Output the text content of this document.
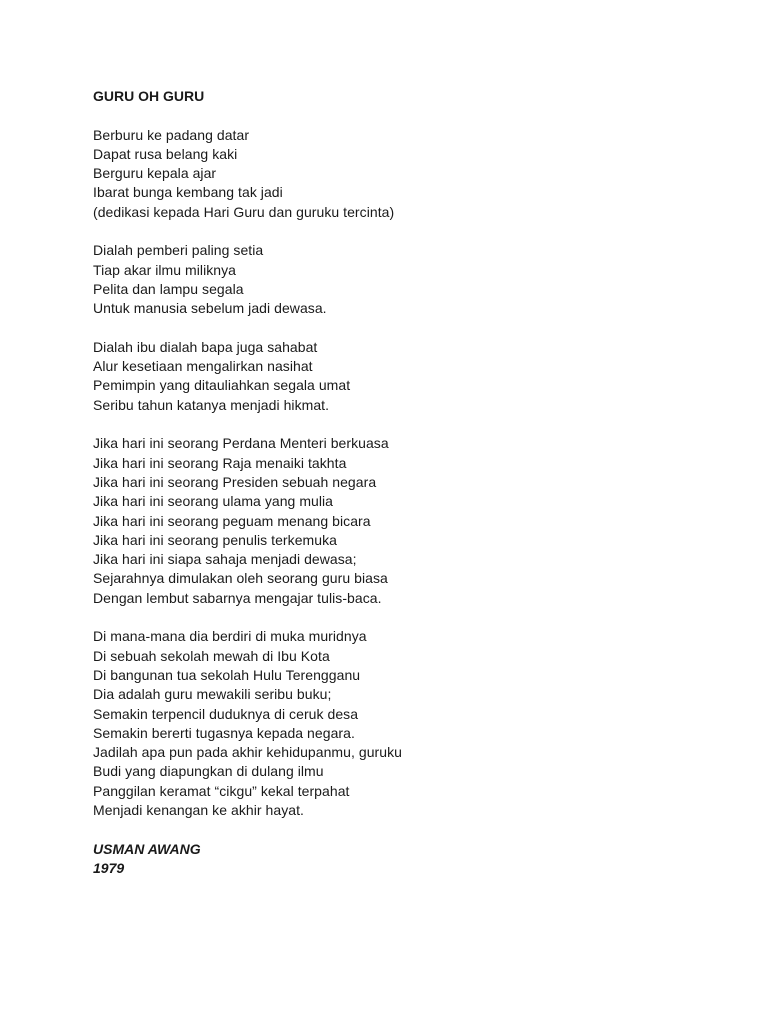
GURU OH GURU
Berburu ke padang datar
Dapat rusa belang kaki
Berguru kepala ajar
Ibarat bunga kembang tak jadi
(dedikasi kepada Hari Guru dan guruku tercinta)
Dialah pemberi paling setia
Tiap akar ilmu miliknya
Pelita dan lampu segala
Untuk manusia sebelum jadi dewasa.
Dialah ibu dialah bapa juga sahabat
Alur kesetiaan mengalirkan nasihat
Pemimpin yang ditauliahkan segala umat
Seribu tahun katanya menjadi hikmat.
Jika hari ini seorang Perdana Menteri berkuasa
Jika hari ini seorang Raja menaiki takhta
Jika hari ini seorang Presiden sebuah negara
Jika hari ini seorang ulama yang mulia
Jika hari ini seorang peguam menang bicara
Jika hari ini seorang penulis terkemuka
Jika hari ini siapa sahaja menjadi dewasa;
Sejarahnya dimulakan oleh seorang guru biasa
Dengan lembut sabarnya mengajar tulis-baca.
Di mana-mana dia berdiri di muka muridnya
Di sebuah sekolah mewah di Ibu Kota
Di bangunan tua sekolah Hulu Terengganu
Dia adalah guru mewakili seribu buku;
Semakin terpencil duduknya di ceruk desa
Semakin bererti tugasnya kepada negara.
Jadilah apa pun pada akhir kehidupanmu, guruku
Budi yang diapungkan di dulang ilmu
Panggilan keramat “cikgu” kekal terpahat
Menjadi kenangan ke akhir hayat.
USMAN AWANG
1979
